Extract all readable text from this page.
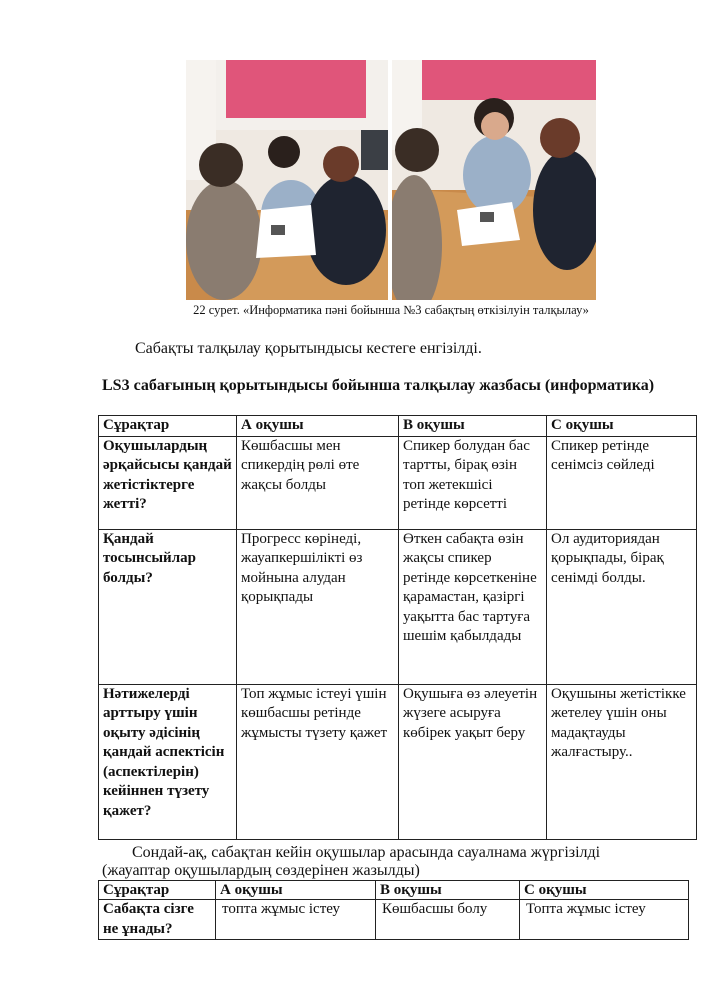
22 сурет. «Информатика пәні бойынша №3 сабақтың өткізілуін талқылау»
Сабақты талқылау қорытындысы кестеге енгізілді.
LS3 сабағының қорытындысы бойынша талқылау жазбасы (информатика)
Сұрақтар	А оқушы	В оқушы	С оқушы
Оқушылардың әрқайсысы қандай жетістіктерге жетті?	Көшбасшы мен спикердің рөлі өте жақсы болды	Спикер болудан бас тартты, бірақ өзін топ жетекшісі ретінде көрсетті	Спикер ретінде сенімсіз сөйледі
Қандай тосынсыйлар болды?	Прогресс көрінеді, жауапкершілікті өз мойнына алудан қорықпады	Өткен сабақта өзін жақсы спикер ретінде көрсеткеніне қарамастан, қазіргі уақытта бас тартуға шешім қабылдады	Ол аудиториядан қорықпады, бірақ сенімді болды.
Нәтижелерді арттыру үшін оқыту әдісінің қандай аспектісін (аспектілерін) кейіннен түзету қажет?	Топ жұмыс істеуі үшін көшбасшы ретінде жұмысты түзету қажет	Оқушыға өз әлеуетін жүзеге асыруға көбірек уақыт беру	Оқушыны жетістікке жетелеу үшін оны мадақтауды жалғастыру..
Сондай-ақ, сабақтан кейін оқушылар арасында сауалнама жүргізілді
(жауаптар оқушылардың сөздерінен жазылды)
Сұрақтар	А оқушы	В оқушы	С оқушы
Сабақта сізге не ұнады?	топта жұмыс істеу	Көшбасшы болу	Топта жұмыс істеу
